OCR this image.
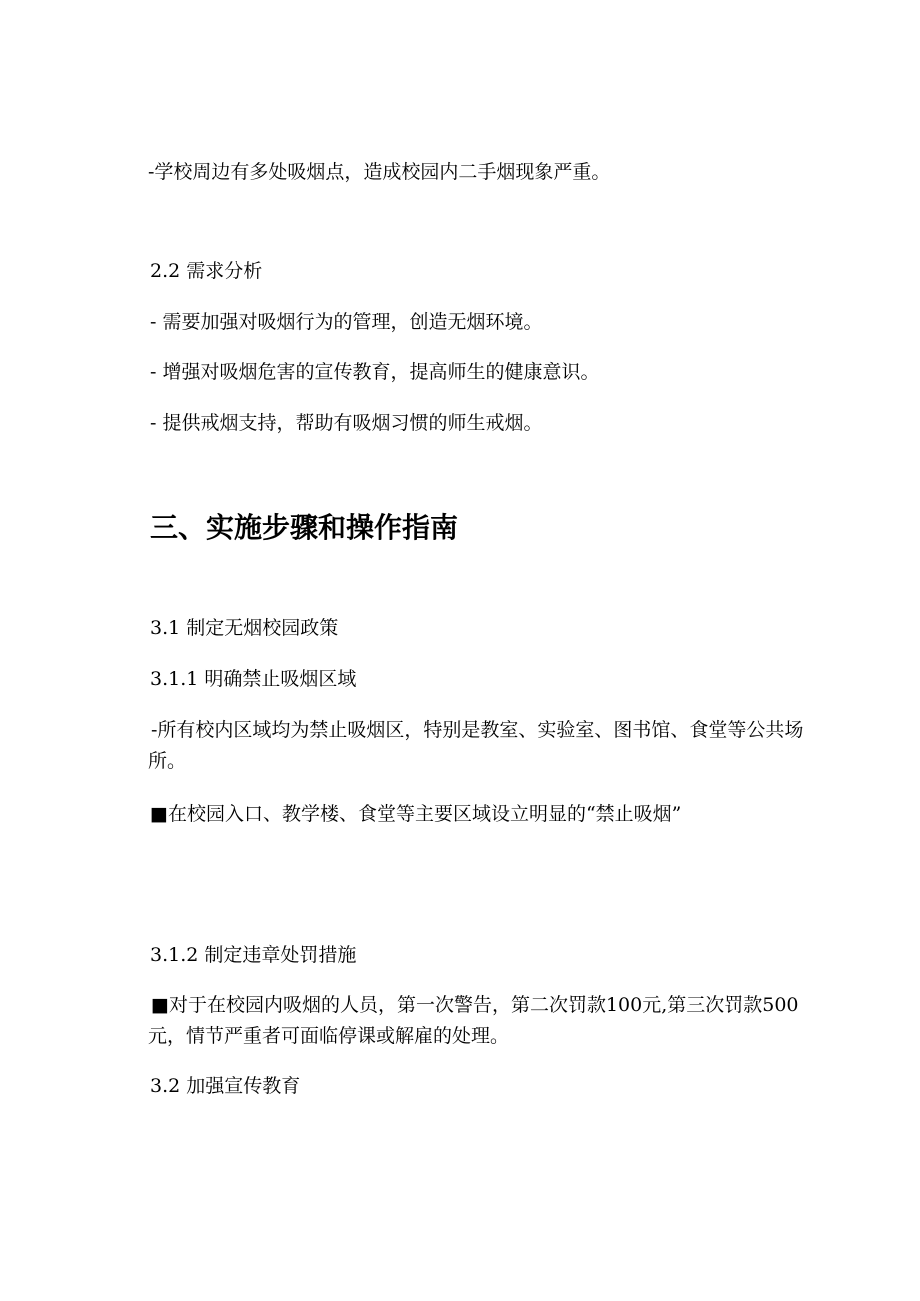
-学校周边有多处吸烟点，造成校园内二手烟现象严重。

2.2 需求分析

- 需要加强对吸烟行为的管理，创造无烟环境。

- 增强对吸烟危害的宣传教育，提高师生的健康意识。

- 提供戒烟支持，帮助有吸烟习惯的师生戒烟。

三、实施步骤和操作指南

3.1 制定无烟校园政策

3.1.1 明确禁止吸烟区域

-所有校内区域均为禁止吸烟区，特别是教室、实验室、图书馆、食堂等公共场所。

■在校园入口、教学楼、食堂等主要区域设立明显的“禁止吸烟”

3.1.2 制定违章处罚措施

■对于在校园内吸烟的人员，第一次警告，第二次罚款100元,第三次罚款500元，情节严重者可面临停课或解雇的处理。

3.2 加强宣传教育
